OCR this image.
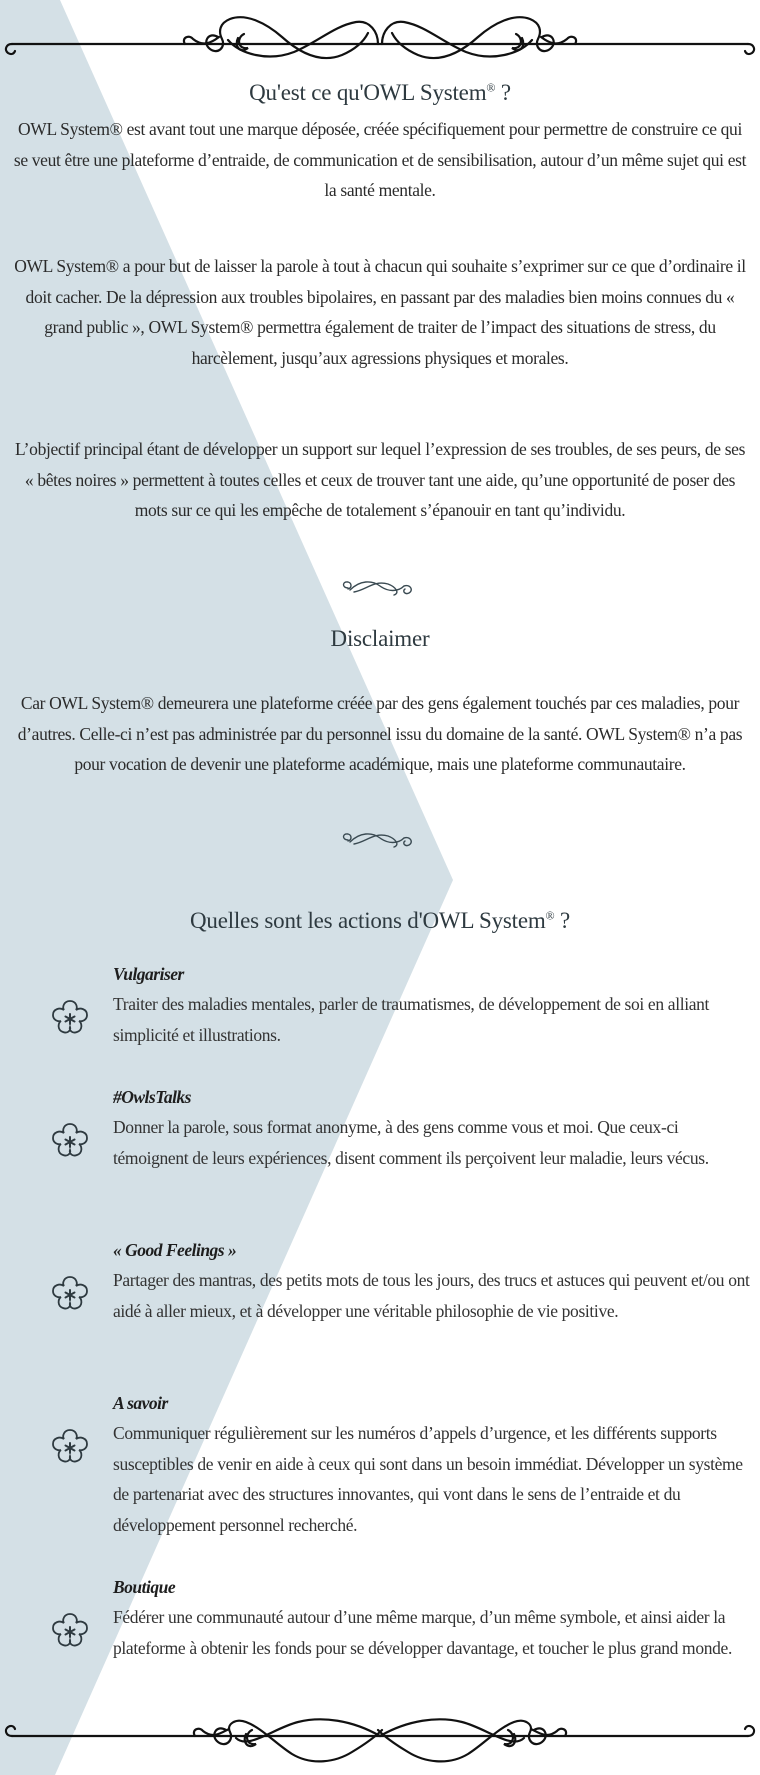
Qu'est ce qu'OWL System® ?

OWL System® est avant tout une marque déposée, créée spécifiquement pour permettre de construire ce qui se veut être une plateforme d’entraide, de communication et de sensibilisation, autour d’un même sujet qui est la santé mentale.

OWL System® a pour but de laisser la parole à tout à chacun qui souhaite s’exprimer sur ce que d’ordinaire il doit cacher. De la dépression aux troubles bipolaires, en passant par des maladies bien moins connues du « grand public », OWL System® permettra également de traiter de l’impact des situations de stress, du harcèlement, jusqu’aux agressions physiques et morales.

L’objectif principal étant de développer un support sur lequel l’expression de ses troubles, de ses peurs, de ses « bêtes noires » permettent à toutes celles et ceux de trouver tant une aide, qu’une opportunité de poser des mots sur ce qui les empêche de totalement s’épanouir en tant qu’individu.

Disclaimer

Car OWL System® demeurera une plateforme créée par des gens également touchés par ces maladies, pour d’autres. Celle-ci n’est pas administrée par du personnel issu du domaine de la santé. OWL System® n’a pas pour vocation de devenir une plateforme académique, mais une plateforme communautaire.

Quelles sont les actions d'OWL System® ?
Vulgariser
Traiter des maladies mentales, parler de traumatismes, de développement de soi en alliant simplicité et illustrations.
#OwlsTalks
Donner la parole, sous format anonyme, à des gens comme vous et moi. Que ceux-ci témoignent de leurs expériences, disent comment ils perçoivent leur maladie, leurs vécus.
« Good Feelings »
Partager des mantras, des petits mots de tous les jours, des trucs et astuces qui peuvent et/ou ont aidé à aller mieux, et à développer une véritable philosophie de vie positive.
A savoir
Communiquer régulièrement sur les numéros d’appels d’urgence, et les différents supports susceptibles de venir en aide à ceux qui sont dans un besoin immédiat. Développer un système de partenariat avec des structures innovantes, qui vont dans le sens de l’entraide et du développement personnel recherché.
Boutique
Fédérer une communauté autour d’une même marque, d’un même symbole, et ainsi aider la plateforme à obtenir les fonds pour se développer davantage, et toucher le plus grand monde.
